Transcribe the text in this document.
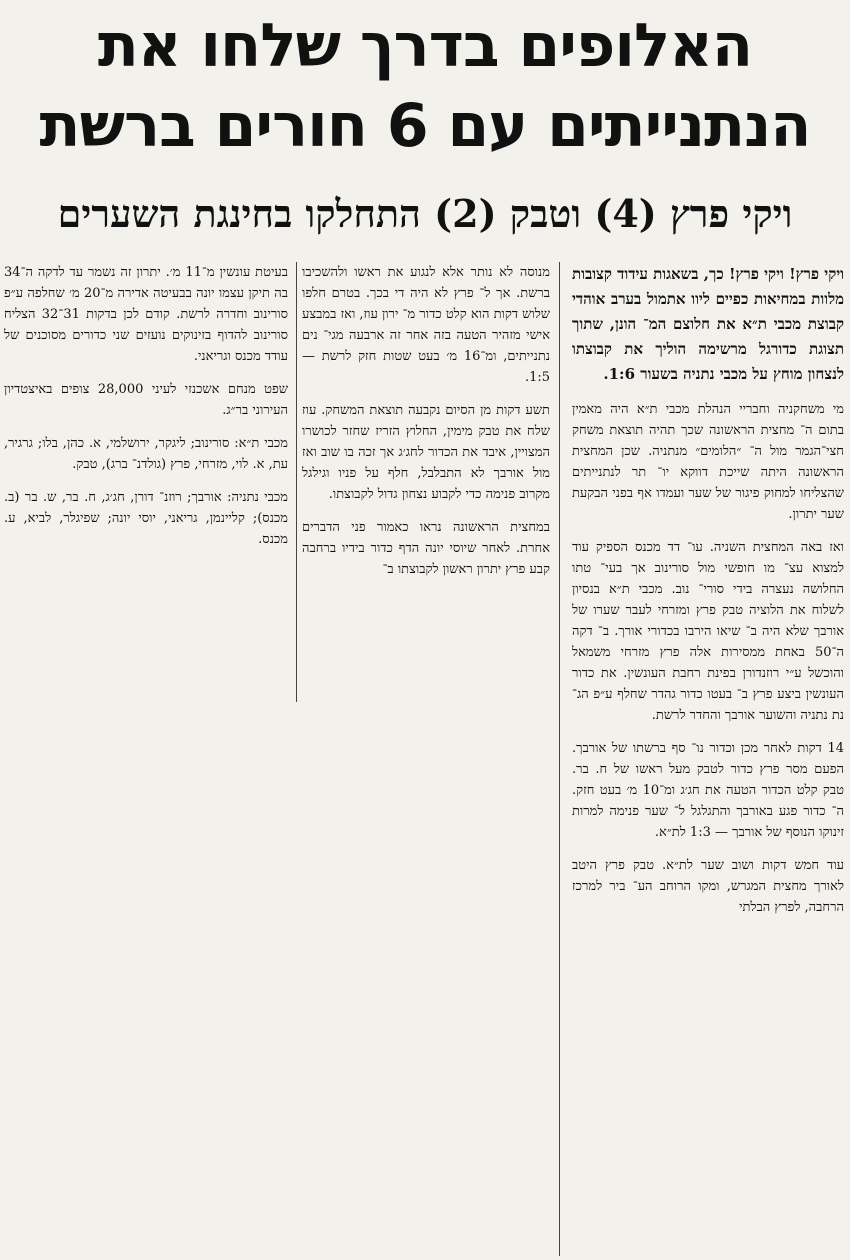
האלופים בדרך שלחו את
הנתנייתים עם 6 חורים ברשת
ויקי פרץ (4) וטבק (2) התחלקו בחינגת השערים

ויקי פרץ! ויקי פרץ! כך, בשאגות עידוד קצובות מלוות במחיאות כפיים ליוו אתמול בערב אוהדי קבוצת מכבי ת״א את חלוצם המ־ הונן, שתוך תצוגת כדורגל מרשימה הוליך את קבוצתו לנצחון מוחץ על מכבי נתניה בשעור 1:6.

מי משחקניה וחבריי הנהלת מכבי ת״א היה מאמין בתום ה־ מחצית הראשונה שכך תהיה תוצאת משחק חצי־הגמר מול ה־ ״הלומים״ מנתניה. שכן המחצית הראשונה היתה שייכת דווקא יו־ תר לנתנייתים שהצליחו למחוק פיגור של שער ועמדו אף בפני הבקעת שער יתרון.

ואז באה המחצית השניה. עו־ דד מכנס הספיק עוד למצוא עצ־ מו חופשי מול סורינוב אך בעי־ טתו החלושה נעצרה בידי סורי־ נוב. מכבי ת״א בנסיון לשלוח את הלוציה טבק פרץ ומזרחי לעבר שערו של אורבך שלא היה ב־ שיאו הירבו בכדורי אורך. ב־ דקה ה־50 באחת ממסירות אלה פרץ מזרחי משמאל והוכשל ע״י רוזנדורן בפינת רחבת העונשין. את כדור העונשין ביצע פרץ ב־ בעטו כדור גהדר שחלף ע״פ הג־ נת נתניה והשוער אורבך והחדר לרשת.

14 דקות לאחר מכן וכדור נו־ סף ברשתו של אורבך. הפעם מסר פרץ כדור לטבק מעל ראשו של ח. בר. טבק קלט הכדור הטעה את חג׳ג ומ־10 מ׳ בעט חזק. ה־ כדור פגע באורבך והתגלגל ל־ שער פנימה למרות זינוקו הנוסף של אורבך — 1:3 לת״א.

עוד חמש דקות ושוב שער לת״א. טבק פרץ היטב לאורך מחצית המגרש, ומקו הרוחב הע־ ביר למרכז הרחבה, לפרץ הבלתי

מנוסה לא נותר אלא לנגוע את ראשו ולהשכיבו ברשת. אך ל־ פרץ לא היה די בכך. בטרם חלפו שלוש דקות הוא קלט כדור מ־ ירון עוז, ואז במבצע אישי מזהיר הטעה בזה אחר זה ארבעה מגי־ נים נתנייתים, ומ־16 מ׳ בעט שטות חזק לרשת — 1:5.

תשע דקות מן הסיום נקבעה תוצאת המשחק. עוז שלח את טבק מימין, החלוץ הזריז שחזר לכושרו המצויין, איבד את הכדור לחג׳ג אך זכה בו שוב ואז מול אורבך לא התבלבל, חלף על פניו וגילגל מקרוב פנימה כדי לקבוע נצחון גדול לקבוצתו.

במחצית הראשונה נראו כאמור פני הדברים אחרת. לאחר שיוסי יונה הדף כדור בידיו ברחבה קבע פרץ יתרון ראשון לקבוצתו ב־

בעיטת עונשין מ־11 מ׳. יתרון זה נשמר עד לדקה ה־34 בה תיקן עצמו יונה בבעיטה אדירה מ־20 מ׳ שחלפה ע״פ סורינוב וחדרה לרשת. קודם לכן בדקות 31־32 הצליח סורינוב להדוף בזינוקים נועזים שני כדורים מסוכנים של עודד מכנס וגריאני.

שפט מנחם אשכנזי לעיני 28,000 צופים באיצטדיון העירוני בר״ג.

מכבי ת״א: סורינוב; ליגקר, ירושלמי, א. כהן, בלו; גרגיר, עת, א. לוי, מזרחי, פרץ (גולדנ־ ברג), טבק.

מכבי נתניה: אורבך; רוזנ־ דורן, חג׳ג, ח. בר, ש. בר (ב. מכנס); קליינמן, גריאני, יוסי יונה; שפיגלר, לביא, ע. מכנס.
